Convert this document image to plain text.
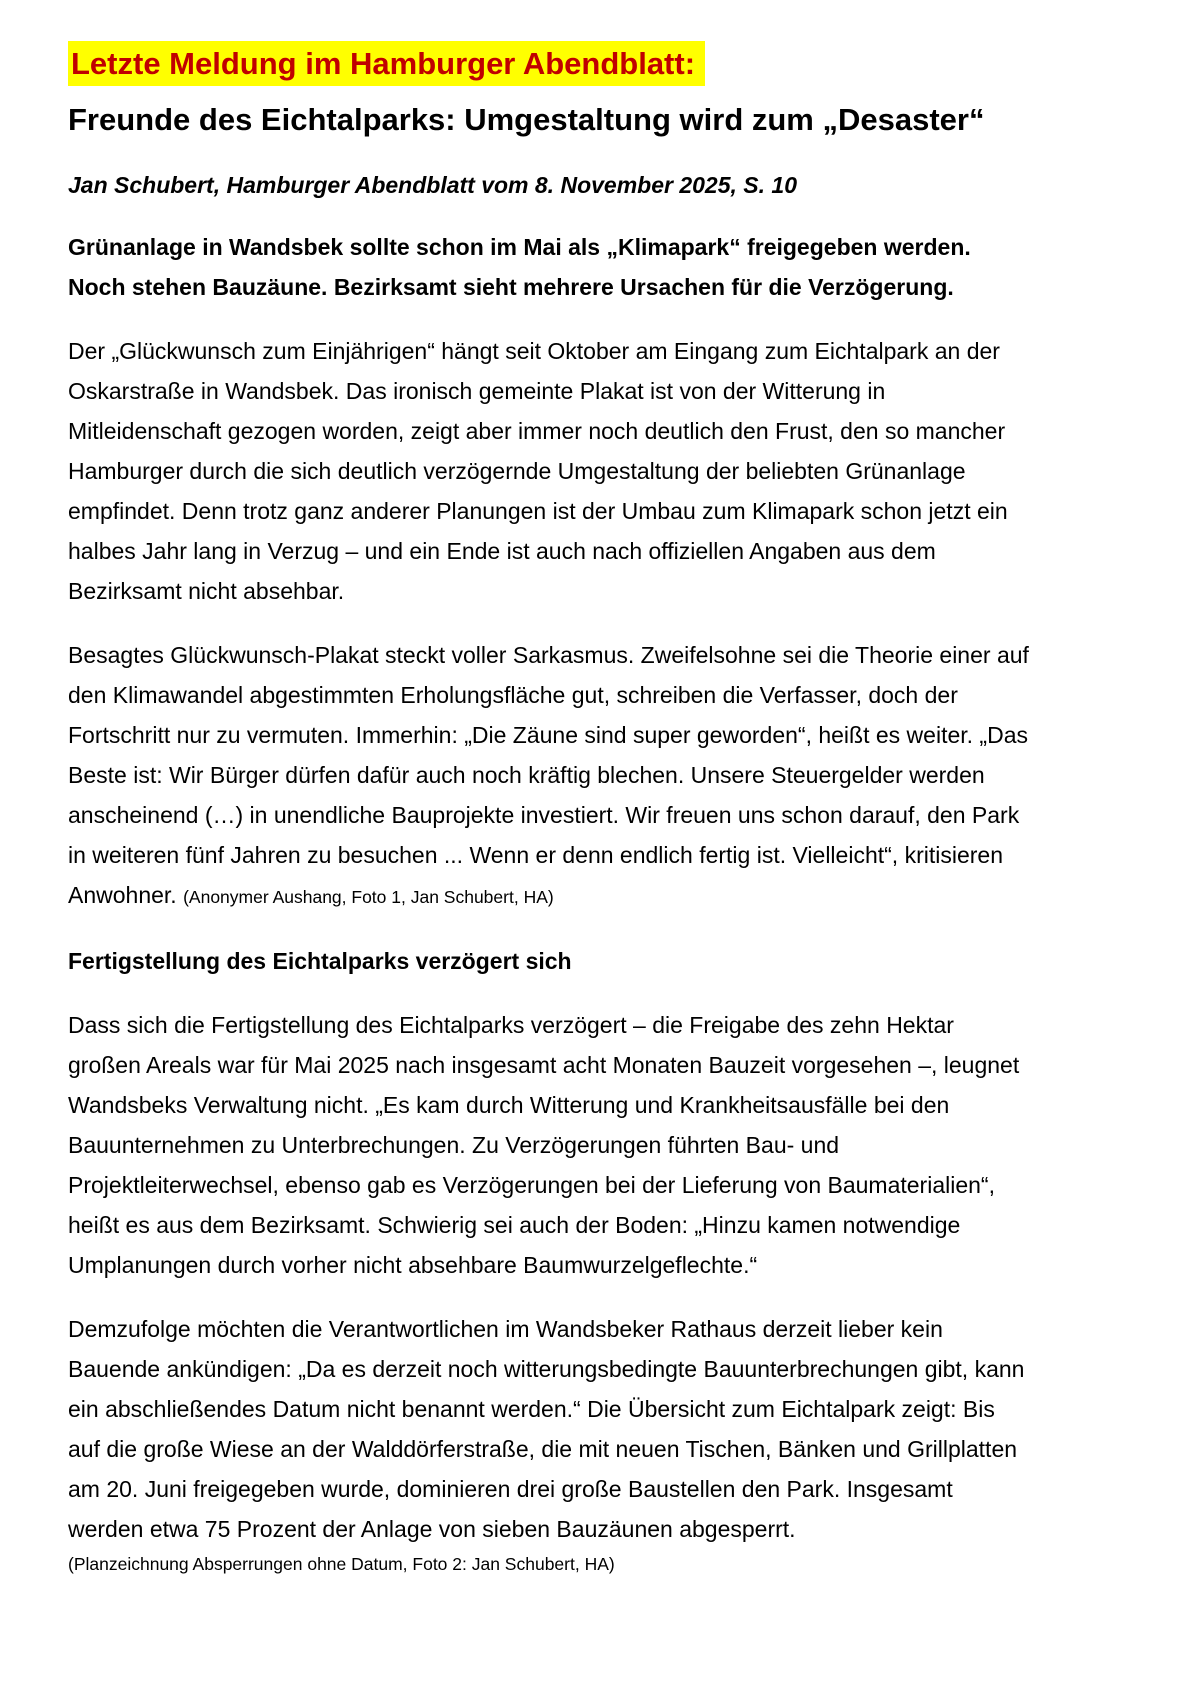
Letzte Meldung im Hamburger Abendblatt:
Freunde des Eichtalparks: Umgestaltung wird zum „Desaster“

Jan Schubert, Hamburger Abendblatt vom 8. November 2025, S. 10

Grünanlage in Wandsbek sollte schon im Mai als „Klimapark“ freigegeben werden. Noch stehen Bauzäune. Bezirksamt sieht mehrere Ursachen für die Verzögerung.

Der „Glückwunsch zum Einjährigen“ hängt seit Oktober am Eingang zum Eichtalpark an der Oskarstraße in Wandsbek. Das ironisch gemeinte Plakat ist von der Witterung in Mitleidenschaft gezogen worden, zeigt aber immer noch deutlich den Frust, den so mancher Hamburger durch die sich deutlich verzögernde Umgestaltung der beliebten Grünanlage empfindet. Denn trotz ganz anderer Planungen ist der Umbau zum Klimapark schon jetzt ein halbes Jahr lang in Verzug – und ein Ende ist auch nach offiziellen Angaben aus dem Bezirksamt nicht absehbar.

Besagtes Glückwunsch-Plakat steckt voller Sarkasmus. Zweifelsohne sei die Theorie einer auf den Klimawandel abgestimmten Erholungsfläche gut, schreiben die Verfasser, doch der Fortschritt nur zu vermuten. Immerhin: „Die Zäune sind super geworden“, heißt es weiter. „Das Beste ist: Wir Bürger dürfen dafür auch noch kräftig blechen. Unsere Steuergelder werden anscheinend (…) in unendliche Bauprojekte investiert. Wir freuen uns schon darauf, den Park in weiteren fünf Jahren zu besuchen ... Wenn er denn endlich fertig ist. Vielleicht“, kritisieren Anwohner. (Anonymer Aushang, Foto 1, Jan Schubert, HA)

Fertigstellung des Eichtalparks verzögert sich

Dass sich die Fertigstellung des Eichtalparks verzögert – die Freigabe des zehn Hektar großen Areals war für Mai 2025 nach insgesamt acht Monaten Bauzeit vorgesehen –, leugnet Wandsbeks Verwaltung nicht. „Es kam durch Witterung und Krankheitsausfälle bei den Bauunternehmen zu Unterbrechungen. Zu Verzögerungen führten Bau- und Projektleiterwechsel, ebenso gab es Verzögerungen bei der Lieferung von Baumaterialien“, heißt es aus dem Bezirksamt. Schwierig sei auch der Boden: „Hinzu kamen notwendige Umplanungen durch vorher nicht absehbare Baumwurzelgeflechte.“

Demzufolge möchten die Verantwortlichen im Wandsbeker Rathaus derzeit lieber kein Bauende ankündigen: „Da es derzeit noch witterungsbedingte Bauunterbrechungen gibt, kann ein abschließendes Datum nicht benannt werden.“ Die Übersicht zum Eichtalpark zeigt: Bis auf die große Wiese an der Walddörferstraße, die mit neuen Tischen, Bänken und Grillplatten am 20. Juni freigegeben wurde, dominieren drei große Baustellen den Park. Insgesamt werden etwa 75 Prozent der Anlage von sieben Bauzäunen abgesperrt.
(Planzeichnung Absperrungen ohne Datum, Foto 2: Jan Schubert, HA)
